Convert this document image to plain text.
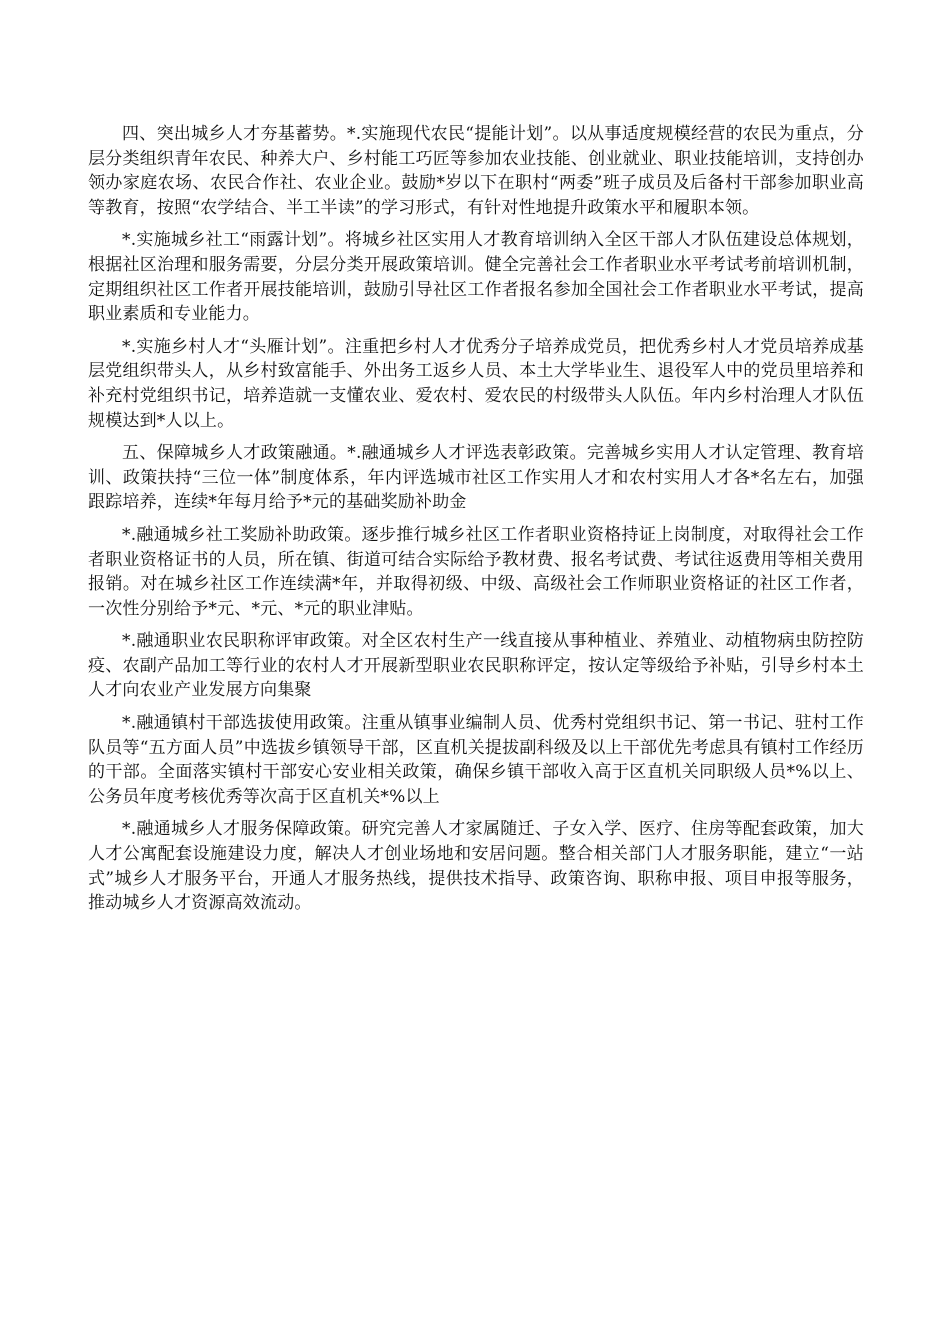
四、突出城乡人才夯基蓄势。*.实施现代农民“提能计划”。以从事适度规模经营的农民为重点，分层分类组织青年农民、种养大户、乡村能工巧匠等参加农业技能、创业就业、职业技能培训，支持创办领办家庭农场、农民合作社、农业企业。鼓励*岁以下在职村“两委”班子成员及后备村干部参加职业高等教育，按照“农学结合、半工半读”的学习形式，有针对性地提升政策水平和履职本领。

*.实施城乡社工“雨露计划”。将城乡社区实用人才教育培训纳入全区干部人才队伍建设总体规划，根据社区治理和服务需要，分层分类开展政策培训。健全完善社会工作者职业水平考试考前培训机制，定期组织社区工作者开展技能培训，鼓励引导社区工作者报名参加全国社会工作者职业水平考试，提高职业素质和专业能力。

*.实施乡村人才“头雁计划”。注重把乡村人才优秀分子培养成党员，把优秀乡村人才党员培养成基层党组织带头人，从乡村致富能手、外出务工返乡人员、本土大学毕业生、退役军人中的党员里培养和补充村党组织书记，培养造就一支懂农业、爱农村、爱农民的村级带头人队伍。年内乡村治理人才队伍规模达到*人以上。

五、保障城乡人才政策融通。*.融通城乡人才评选表彰政策。完善城乡实用人才认定管理、教育培训、政策扶持“三位一体”制度体系，年内评选城市社区工作实用人才和农村实用人才各*名左右，加强跟踪培养，连续*年每月给予*元的基础奖励补助金

*.融通城乡社工奖励补助政策。逐步推行城乡社区工作者职业资格持证上岗制度，对取得社会工作者职业资格证书的人员，所在镇、街道可结合实际给予教材费、报名考试费、考试往返费用等相关费用报销。对在城乡社区工作连续满*年，并取得初级、中级、高级社会工作师职业资格证的社区工作者，一次性分别给予*元、*元、*元的职业津贴。

*.融通职业农民职称评审政策。对全区农村生产一线直接从事种植业、养殖业、动植物病虫防控防疫、农副产品加工等行业的农村人才开展新型职业农民职称评定，按认定等级给予补贴，引导乡村本土人才向农业产业发展方向集聚

*.融通镇村干部选拔使用政策。注重从镇事业编制人员、优秀村党组织书记、第一书记、驻村工作队员等“五方面人员”中选拔乡镇领导干部，区直机关提拔副科级及以上干部优先考虑具有镇村工作经历的干部。全面落实镇村干部安心安业相关政策，确保乡镇干部收入高于区直机关同职级人员*%以上、公务员年度考核优秀等次高于区直机关*%以上

*.融通城乡人才服务保障政策。研究完善人才家属随迁、子女入学、医疗、住房等配套政策，加大人才公寓配套设施建设力度，解决人才创业场地和安居问题。整合相关部门人才服务职能，建立“一站式”城乡人才服务平台，开通人才服务热线，提供技术指导、政策咨询、职称申报、项目申报等服务，推动城乡人才资源高效流动。
